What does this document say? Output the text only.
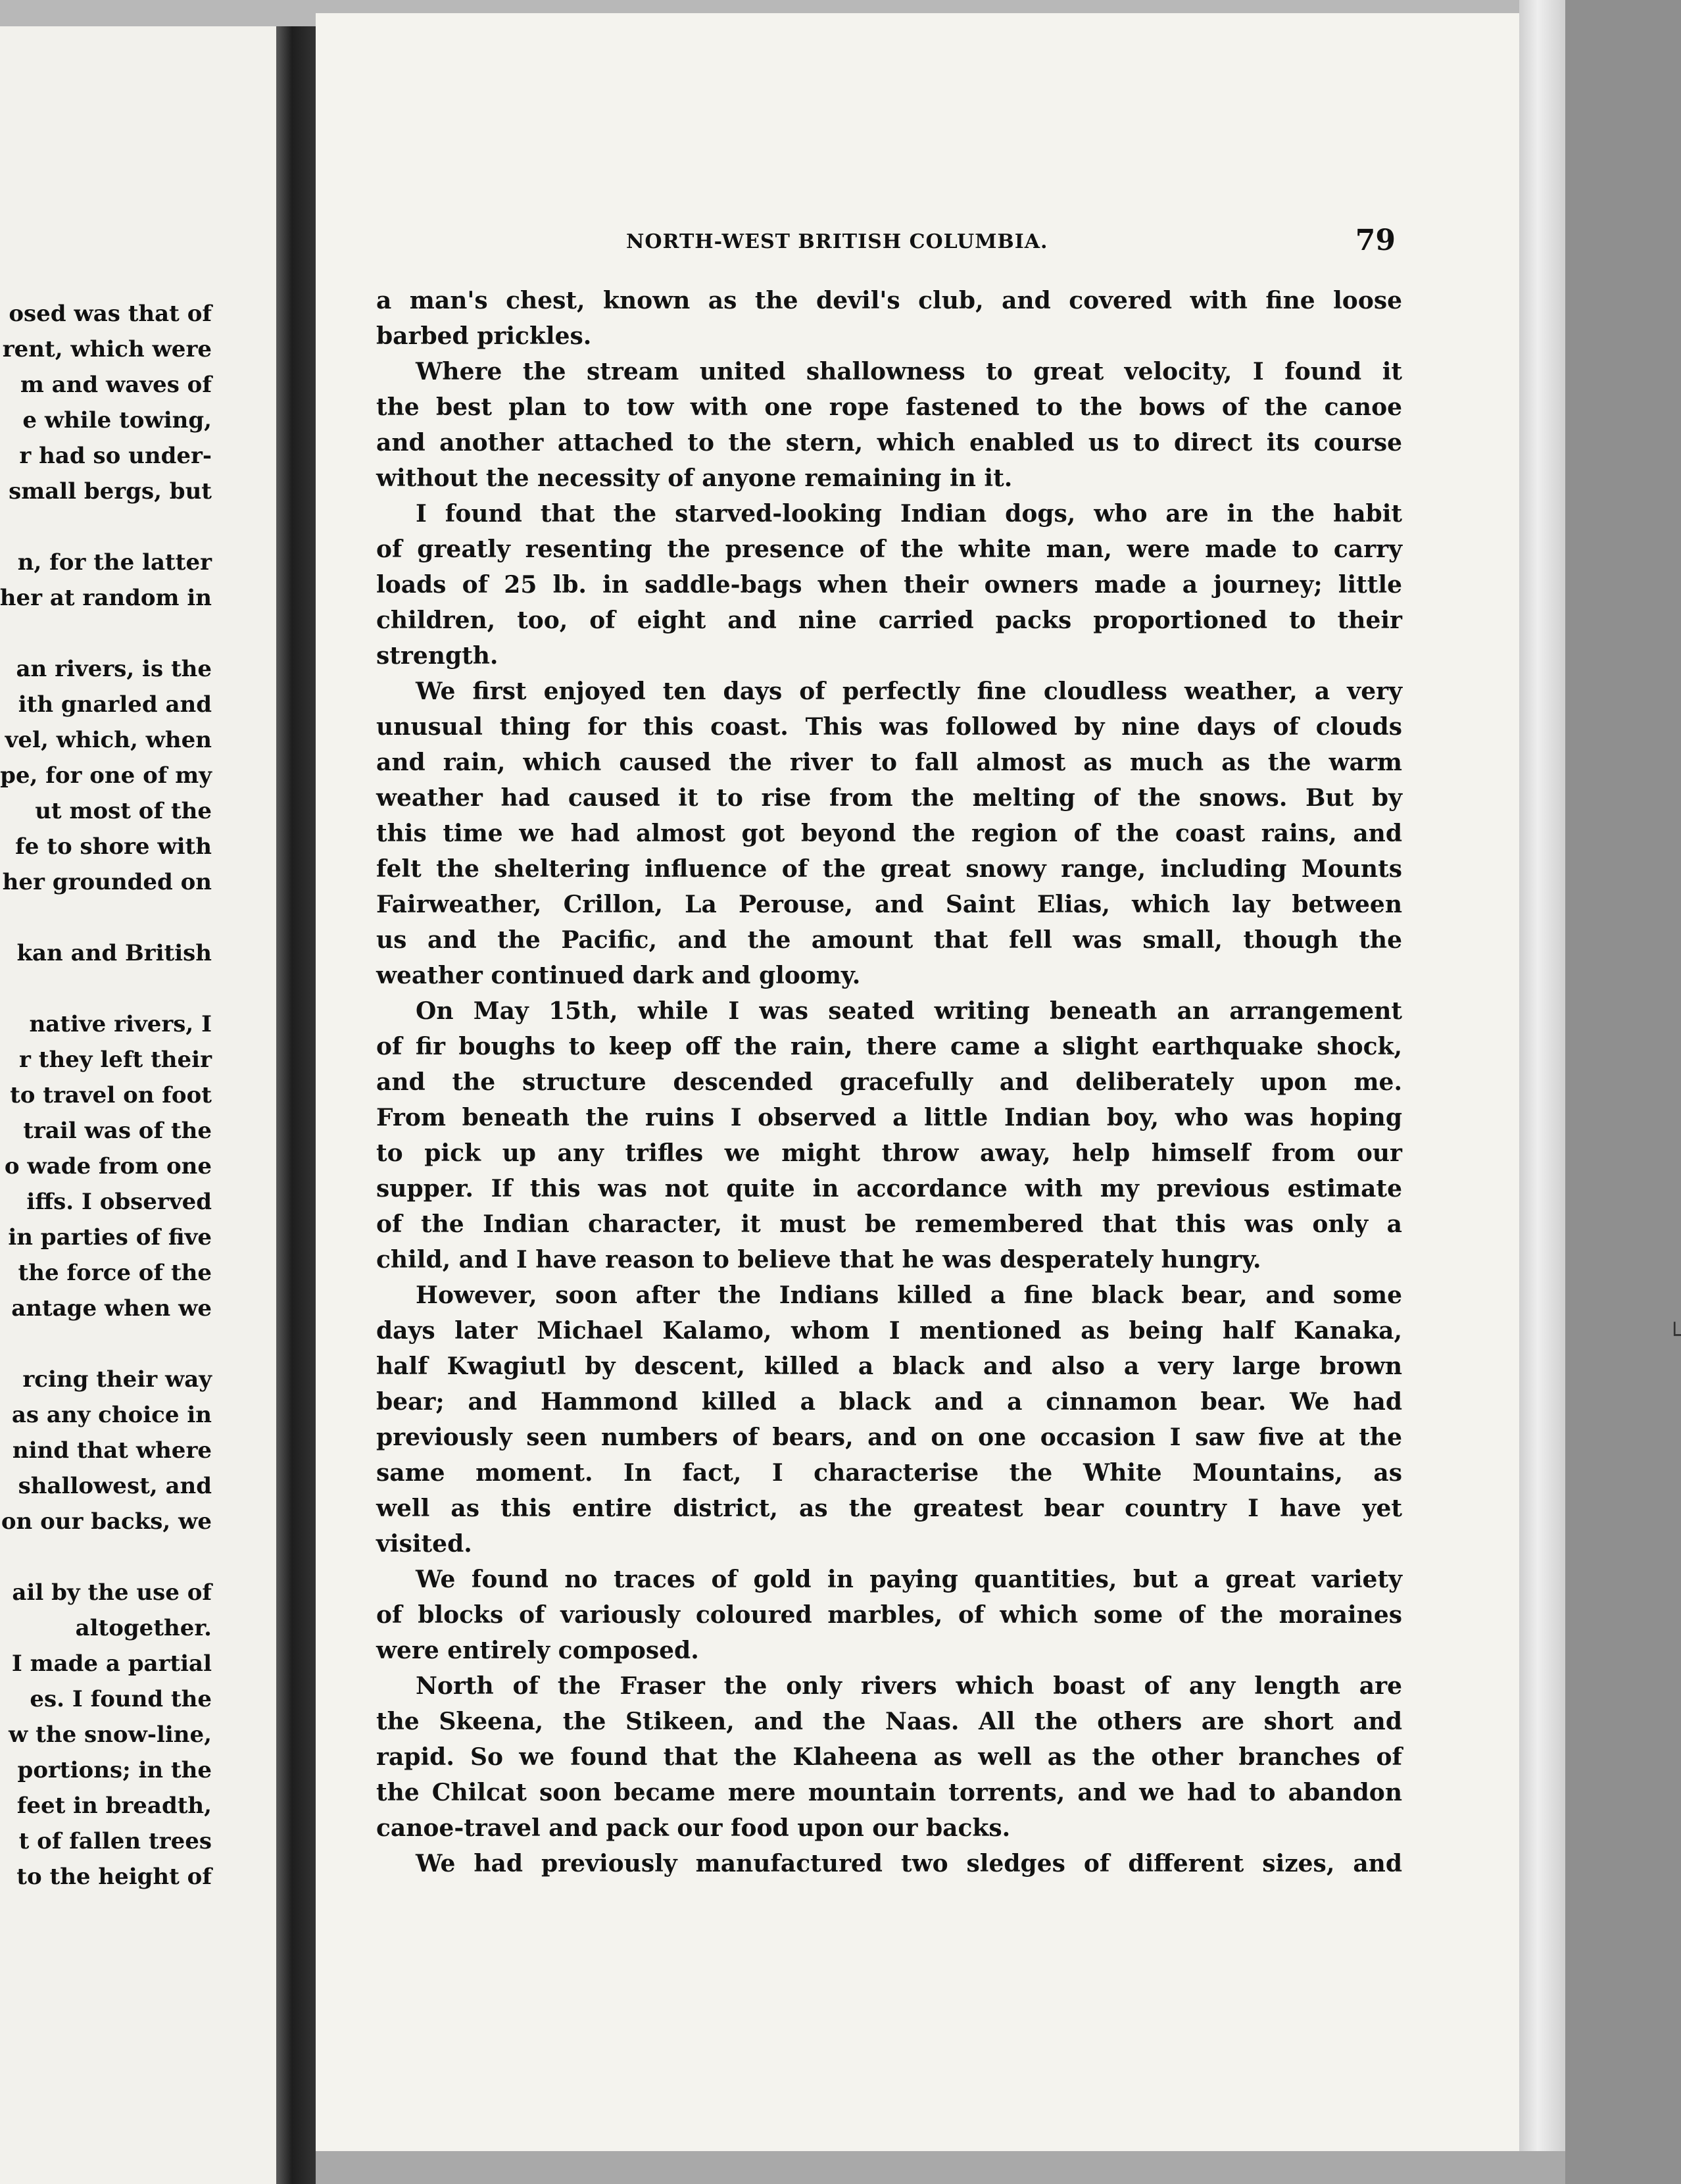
osed was that of
rent, which were
m and waves of
e while towing,
r had so under-
small bergs, but
n, for the latter
her at random in
an rivers, is the
ith gnarled and
vel, which, when
pe, for one of my
ut most of the
fe to shore with
her grounded on
kan and British
native rivers, I
r they left their
to travel on foot
trail was of the
o wade from one
iffs. I observed
in parties of five
the force of the
antage when we
rcing their way
as any choice in
nind that where
shallowest, and
on our backs, we
ail by the use of
altogether.
I made a partial
es. I found the
w the snow-line,
portions; in the
feet in breadth,
t of fallen trees
to the height of
NORTH-WEST BRITISH COLUMBIA.	79
a man's chest, known as the devil's club, and covered with fine loose
barbed prickles.
Where the stream united shallowness to great velocity, I found it
the best plan to tow with one rope fastened to the bows of the canoe
and another attached to the stern, which enabled us to direct its course
without the necessity of anyone remaining in it.
I found that the starved-looking Indian dogs, who are in the habit
of greatly resenting the presence of the white man, were made to carry
loads of 25 lb. in saddle-bags when their owners made a journey; little
children, too, of eight and nine carried packs proportioned to their
strength.
We first enjoyed ten days of perfectly fine cloudless weather, a very
unusual thing for this coast. This was followed by nine days of clouds
and rain, which caused the river to fall almost as much as the warm
weather had caused it to rise from the melting of the snows. But by
this time we had almost got beyond the region of the coast rains, and
felt the sheltering influence of the great snowy range, including Mounts
Fairweather, Crillon, La Perouse, and Saint Elias, which lay between
us and the Pacific, and the amount that fell was small, though the
weather continued dark and gloomy.
On May 15th, while I was seated writing beneath an arrangement
of fir boughs to keep off the rain, there came a slight earthquake shock,
and the structure descended gracefully and deliberately upon me.
From beneath the ruins I observed a little Indian boy, who was hoping
to pick up any trifles we might throw away, help himself from our
supper. If this was not quite in accordance with my previous estimate
of the Indian character, it must be remembered that this was only a
child, and I have reason to believe that he was desperately hungry.
However, soon after the Indians killed a fine black bear, and some
days later Michael Kalamo, whom I mentioned as being half Kanaka,
half Kwagiutl by descent, killed a black and also a very large brown
bear; and Hammond killed a black and a cinnamon bear. We had
previously seen numbers of bears, and on one occasion I saw five at the
same moment. In fact, I characterise the White Mountains, as
well as this entire district, as the greatest bear country I have yet
visited.
We found no traces of gold in paying quantities, but a great variety
of blocks of variously coloured marbles, of which some of the moraines
were entirely composed.
North of the Fraser the only rivers which boast of any length are
the Skeena, the Stikeen, and the Naas. All the others are short and
rapid. So we found that the Klaheena as well as the other branches of
the Chilcat soon became mere mountain torrents, and we had to abandon
canoe-travel and pack our food upon our backs.
We had previously manufactured two sledges of different sizes, and
└
